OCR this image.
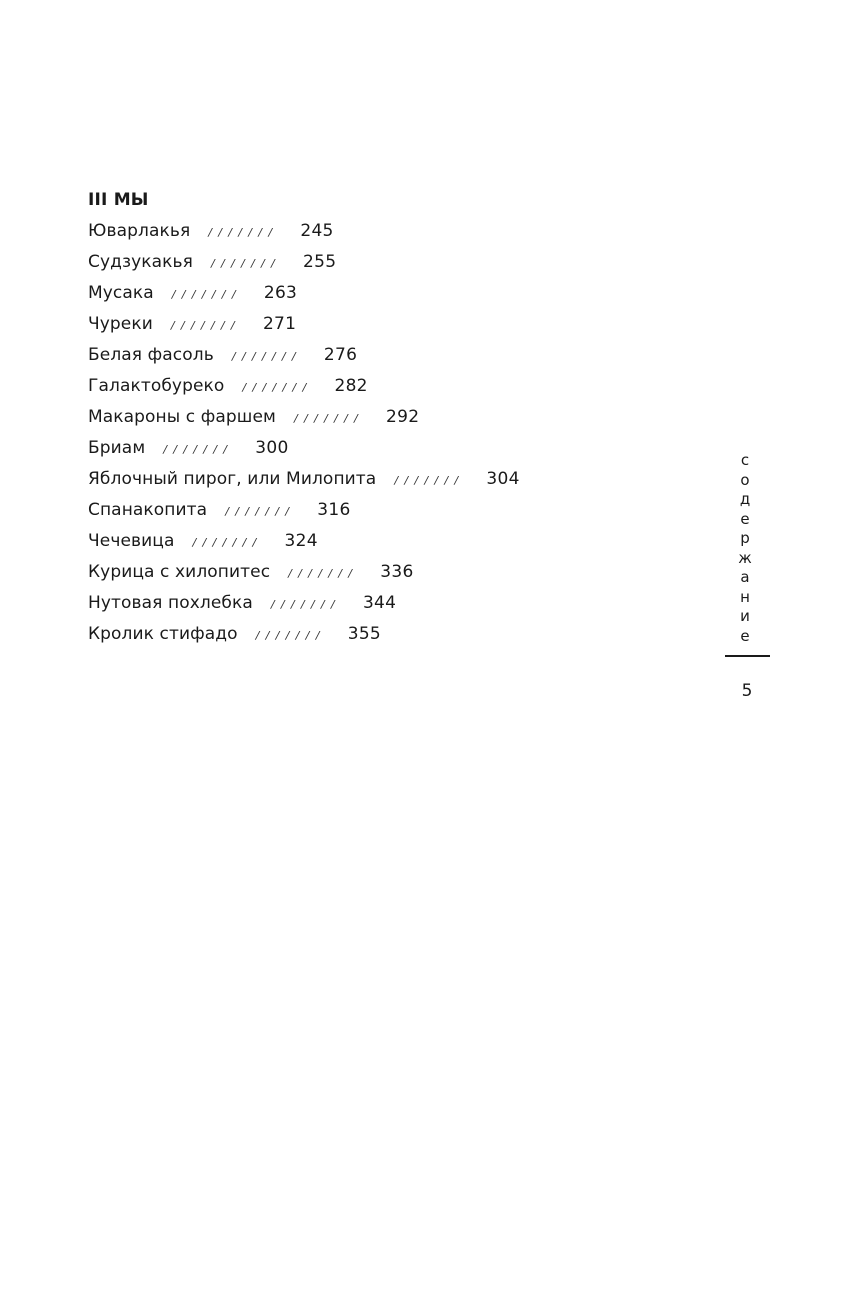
III МЫ
Юварлакья /////// 245
Судзукакья /////// 255
Мусака /////// 263
Чуреки /////// 271
Белая фасоль /////// 276
Галактобуреко /////// 282
Макароны с фаршем /////// 292
Бриам /////// 300
Яблочный пирог, или Милопита /////// 304
Спанакопита /////// 316
Чечевица /////// 324
Курица с хилопитес /////// 336
Нутовая похлебка /////// 344
Кролик стифадо /////// 355
с
о
д
е
р
ж
а
н
и
е
5
